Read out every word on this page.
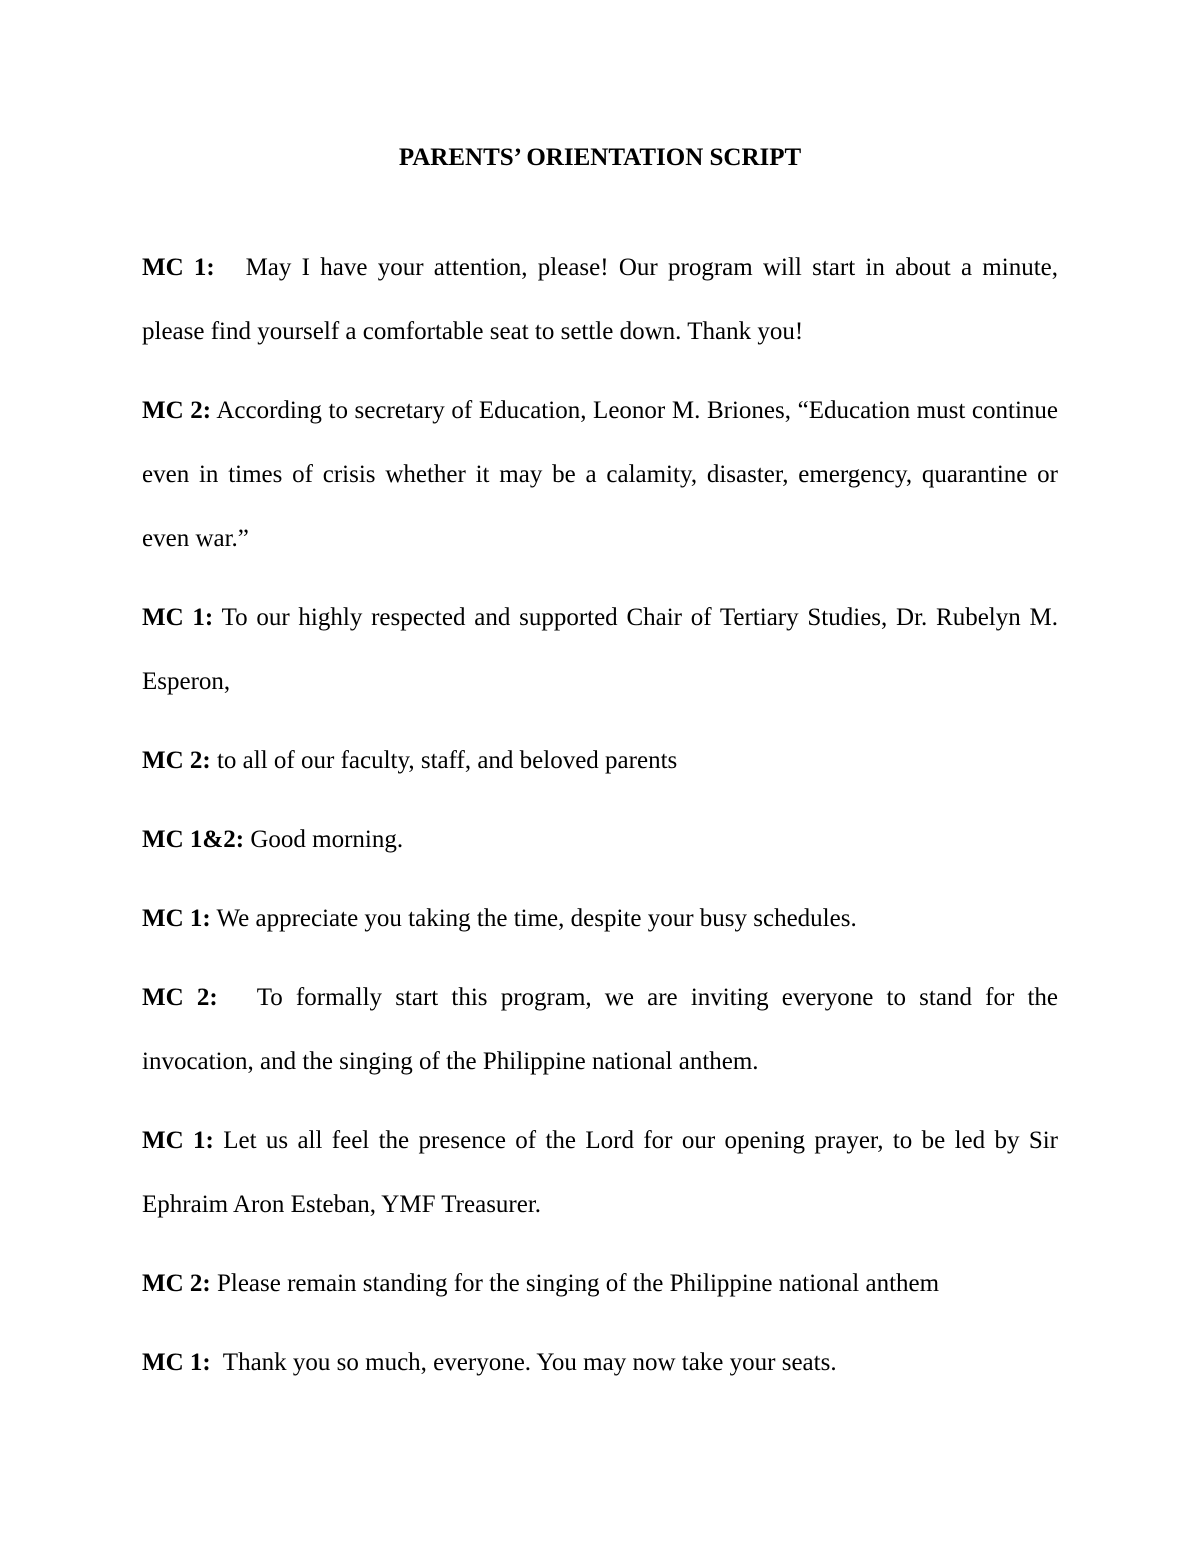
PARENTS’ ORIENTATION SCRIPT

MC 1: May I have your attention, please! Our program will start in about a minute, please find yourself a comfortable seat to settle down. Thank you!

MC 2: According to secretary of Education, Leonor M. Briones, “Education must continue even in times of crisis whether it may be a calamity, disaster, emergency, quarantine or even war.”

MC 1: To our highly respected and supported Chair of Tertiary Studies, Dr. Rubelyn M. Esperon,

MC 2: to all of our faculty, staff, and beloved parents

MC 1&2: Good morning.

MC 1: We appreciate you taking the time, despite your busy schedules.

MC 2: To formally start this program, we are inviting everyone to stand for the invocation, and the singing of the Philippine national anthem.

MC 1: Let us all feel the presence of the Lord for our opening prayer, to be led by Sir Ephraim Aron Esteban, YMF Treasurer.

MC 2: Please remain standing for the singing of the Philippine national anthem

MC 1: Thank you so much, everyone. You may now take your seats.
